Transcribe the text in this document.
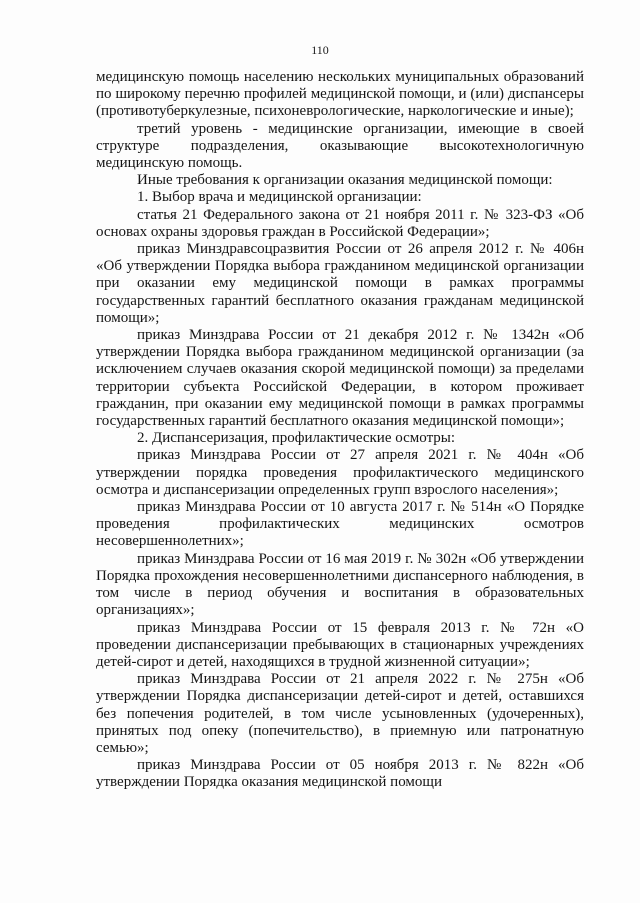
110

медицинскую помощь населению нескольких муниципальных образований по широкому перечню профилей медицинской помощи, и (или) диспансеры (противотуберкулезные, психоневрологические, наркологические и иные);

третий уровень - медицинские организации, имеющие в своей структуре подразделения, оказывающие высокотехнологичную медицинскую помощь.

Иные требования к организации оказания медицинской помощи:

1. Выбор врача и медицинской организации:

статья 21 Федерального закона от 21 ноября 2011 г. № 323-ФЗ «Об основах охраны здоровья граждан в Российской Федерации»;

приказ Минздравсоцразвития России от 26 апреля 2012 г. № 406н «Об утверждении Порядка выбора гражданином медицинской организации при оказании ему медицинской помощи в рамках программы государственных гарантий бесплатного оказания гражданам медицинской помощи»;

приказ Минздрава России от 21 декабря 2012 г. № 1342н «Об утверждении Порядка выбора гражданином медицинской организации (за исключением случаев оказания скорой медицинской помощи) за пределами территории субъекта Российской Федерации, в котором проживает гражданин, при оказании ему медицинской помощи в рамках программы государственных гарантий бесплатного оказания медицинской помощи»;

2. Диспансеризация, профилактические осмотры:

приказ Минздрава России от 27 апреля 2021 г. № 404н «Об утверждении порядка проведения профилактического медицинского осмотра и диспансеризации определенных групп взрослого населения»;

приказ Минздрава России от 10 августа 2017 г. № 514н «О Порядке проведения профилактических медицинских осмотров несовершеннолетних»;

приказ Минздрава России от 16 мая 2019 г. № 302н «Об утверждении Порядка прохождения несовершеннолетними диспансерного наблюдения, в том числе в период обучения и воспитания в образовательных организациях»;

приказ Минздрава России от 15 февраля 2013 г. № 72н «О проведении диспансеризации пребывающих в стационарных учреждениях детей-сирот и детей, находящихся в трудной жизненной ситуации»;

приказ Минздрава России от 21 апреля 2022 г. № 275н «Об утверждении Порядка диспансеризации детей-сирот и детей, оставшихся без попечения родителей, в том числе усыновленных (удочеренных), принятых под опеку (попечительство), в приемную или патронатную семью»;

приказ Минздрава России от 05 ноября 2013 г. № 822н «Об утверждении Порядка оказания медицинской помощи
